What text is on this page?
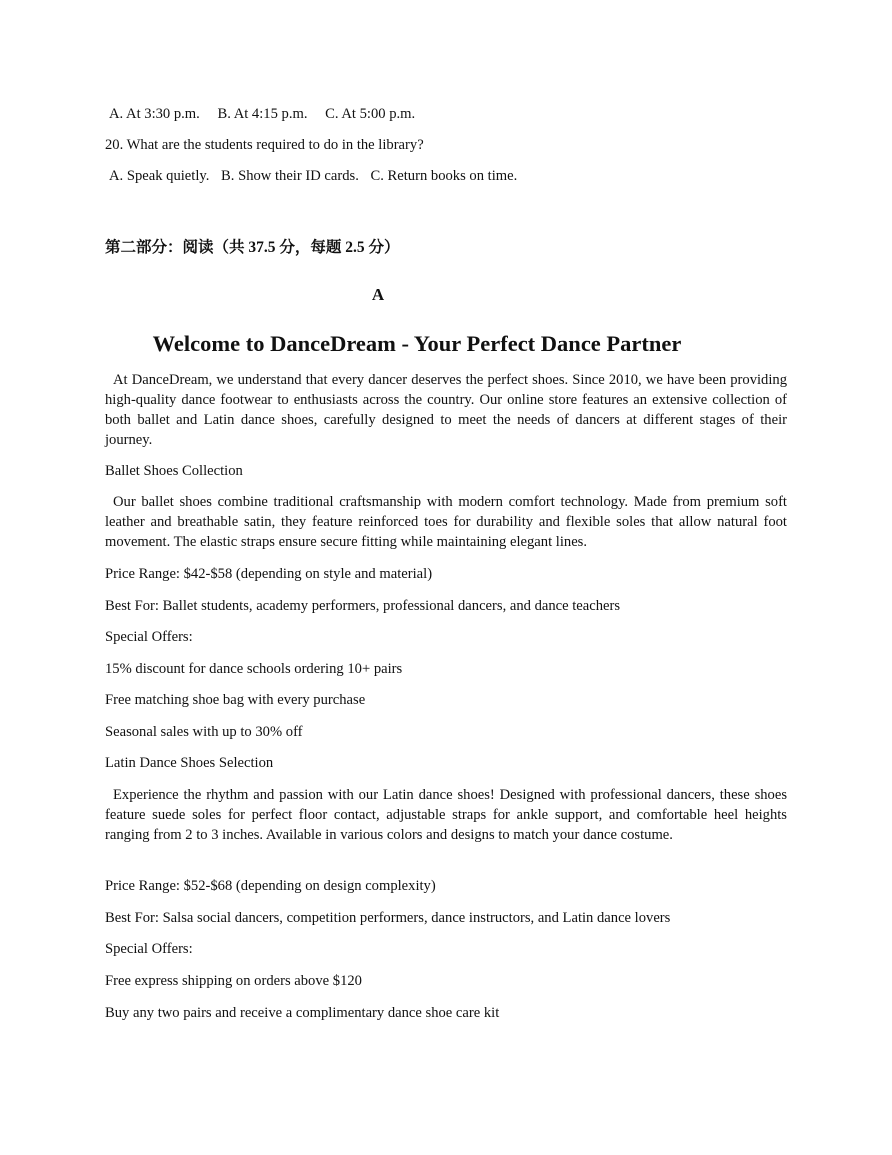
A. At 3:30 p.m. B. At 4:15 p.m. C. At 5:00 p.m.
20. What are the students required to do in the library?
A. Speak quietly. B. Show their ID cards. C. Return books on time.
第二部分：阅读（共 37.5 分，每题 2.5 分）
A
Welcome to DanceDream - Your Perfect Dance Partner
At DanceDream, we understand that every dancer deserves the perfect shoes. Since 2010, we have been providing high-quality dance footwear to enthusiasts across the country. Our online store features an extensive collection of both ballet and Latin dance shoes, carefully designed to meet the needs of dancers at different stages of their journey.
Ballet Shoes Collection
Our ballet shoes combine traditional craftsmanship with modern comfort technology. Made from premium soft leather and breathable satin, they feature reinforced toes for durability and flexible soles that allow natural foot movement. The elastic straps ensure secure fitting while maintaining elegant lines.
Price Range: $42-$58 (depending on style and material)
Best For: Ballet students, academy performers, professional dancers, and dance teachers
Special Offers:
15% discount for dance schools ordering 10+ pairs
Free matching shoe bag with every purchase
Seasonal sales with up to 30% off
Latin Dance Shoes Selection
Experience the rhythm and passion with our Latin dance shoes! Designed with professional dancers, these shoes feature suede soles for perfect floor contact, adjustable straps for ankle support, and comfortable heel heights ranging from 2 to 3 inches. Available in various colors and designs to match your dance costume.
Price Range: $52-$68 (depending on design complexity)
Best For: Salsa social dancers, competition performers, dance instructors, and Latin dance lovers
Special Offers:
Free express shipping on orders above $120
Buy any two pairs and receive a complimentary dance shoe care kit
